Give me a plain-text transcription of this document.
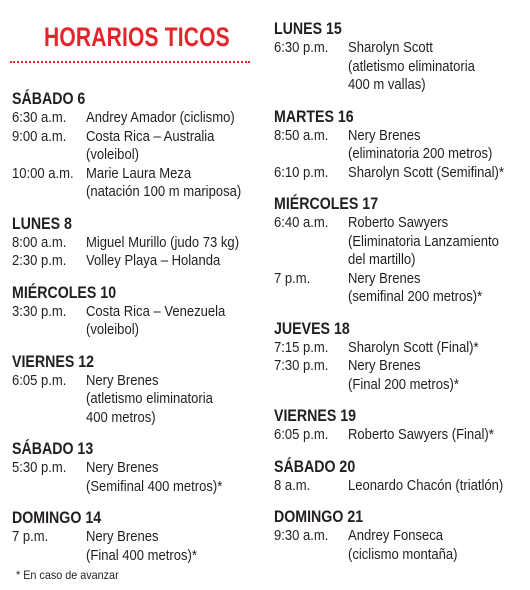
HORARIOS TICOS
SÁBADO 6
6:30 a.m.	Andrey Amador (ciclismo)
9:00 a.m.	Costa Rica – Australia
(voleibol)
10:00 a.m. Marie Laura Meza
(natación 100 m mariposa)
LUNES 8
8:00 a.m.	Miguel Murillo (judo 73 kg)
2:30 p.m.	Volley Playa – Holanda
MIÉRCOLES 10
3:30 p.m.	Costa Rica – Venezuela
(voleibol)
VIERNES 12
6:05 p.m.	Nery Brenes
(atletismo eliminatoria
400 metros)
SÁBADO 13
5:30 p.m.	Nery Brenes
(Semifinal 400 metros)*
DOMINGO 14
7 p.m.	Nery Brenes
(Final 400 metros)*
LUNES 15
6:30 p.m.	Sharolyn Scott
(atletismo eliminatoria
400 m vallas)
MARTES 16
8:50 a.m.	Nery Brenes
(eliminatoria 200 metros)
6:10 p.m.	Sharolyn Scott (Semifinal)*
MIÉRCOLES 17
6:40 a.m.	Roberto Sawyers
(Eliminatoria Lanzamiento
del martillo)
7 p.m.	Nery Brenes
(semifinal 200 metros)*
JUEVES 18
7:15 p.m.	Sharolyn Scott (Final)*
7:30 p.m.	Nery Brenes
(Final 200 metros)*
VIERNES 19
6:05 p.m.	Roberto Sawyers (Final)*
SÁBADO 20
8 a.m.	Leonardo Chacón (triatlón)
DOMINGO 21
9:30 a.m.	Andrey Fonseca
(ciclismo montaña)
* En caso de avanzar
